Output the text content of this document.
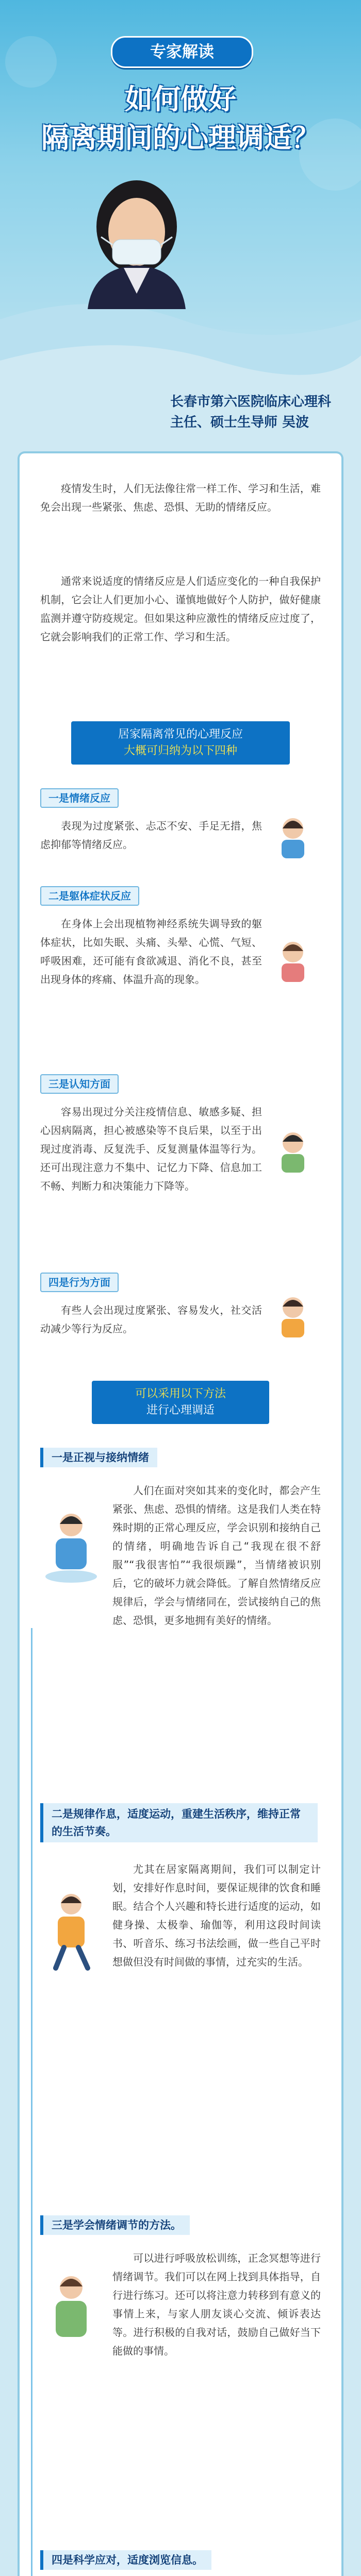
专家解读
如何做好
隔离期间的心理调适？
长春市第六医院临床心理科
主任、硕士生导师 吴波
疫情发生时，人们无法像往常一样工作、学习和生活，难免会出现一些紧张、焦虑、恐惧、无助的情绪反应。
通常来说适度的情绪反应是人们适应变化的一种自我保护机制，它会让人们更加小心、谨慎地做好个人防护，做好健康监测并遵守防疫规定。但如果这种应激性的情绪反应过度了，它就会影响我们的正常工作、学习和生活。
居家隔离常见的心理反应
大概可归纳为以下四种
一是情绪反应
表现为过度紧张、忐忑不安、手足无措，焦虑抑郁等情绪反应。
二是躯体症状反应
在身体上会出现植物神经系统失调导致的躯体症状，比如失眠、头痛、头晕、心慌、气短、呼吸困难，还可能有食欲减退、消化不良，甚至出现身体的疼痛、体温升高的现象。
三是认知方面
容易出现过分关注疫情信息、敏感多疑、担心因病隔离，担心被感染等不良后果，以至于出现过度消毒、反复洗手、反复测量体温等行为。还可出现注意力不集中、记忆力下降、信息加工不畅、判断力和决策能力下降等。
四是行为方面
有些人会出现过度紧张、容易发火，社交活动减少等行为反应。
可以采用以下方法
进行心理调适
一是正视与接纳情绪
人们在面对突如其来的变化时，都会产生紧张、焦虑、恐惧的情绪。这是我们人类在特殊时期的正常心理反应，学会识别和接纳自己的情绪，明确地告诉自己“我现在很不舒服”“我很害怕”“我很烦躁”，当情绪被识别后，它的破坏力就会降低。了解自然情绪反应规律后，学会与情绪同在，尝试接纳自己的焦虑、恐惧，更多地拥有美好的情绪。
二是规律作息，适度运动，重建生活秩序，维持正常的生活节奏。
尤其在居家隔离期间，我们可以制定计划，安排好作息时间，要保证规律的饮食和睡眠。结合个人兴趣和特长进行适度的运动，如健身操、太极拳、瑜伽等，利用这段时间读书、听音乐、练习书法绘画，做一些自己平时想做但没有时间做的事情，过充实的生活。
三是学会情绪调节的方法。
可以进行呼吸放松训练，正念冥想等进行情绪调节。我们可以在网上找到具体指导，自行进行练习。还可以将注意力转移到有意义的事情上来，与家人朋友谈心交流、倾诉表达等。进行积极的自我对话，鼓励自己做好当下能做的事情。
四是科学应对，适度浏览信息。
